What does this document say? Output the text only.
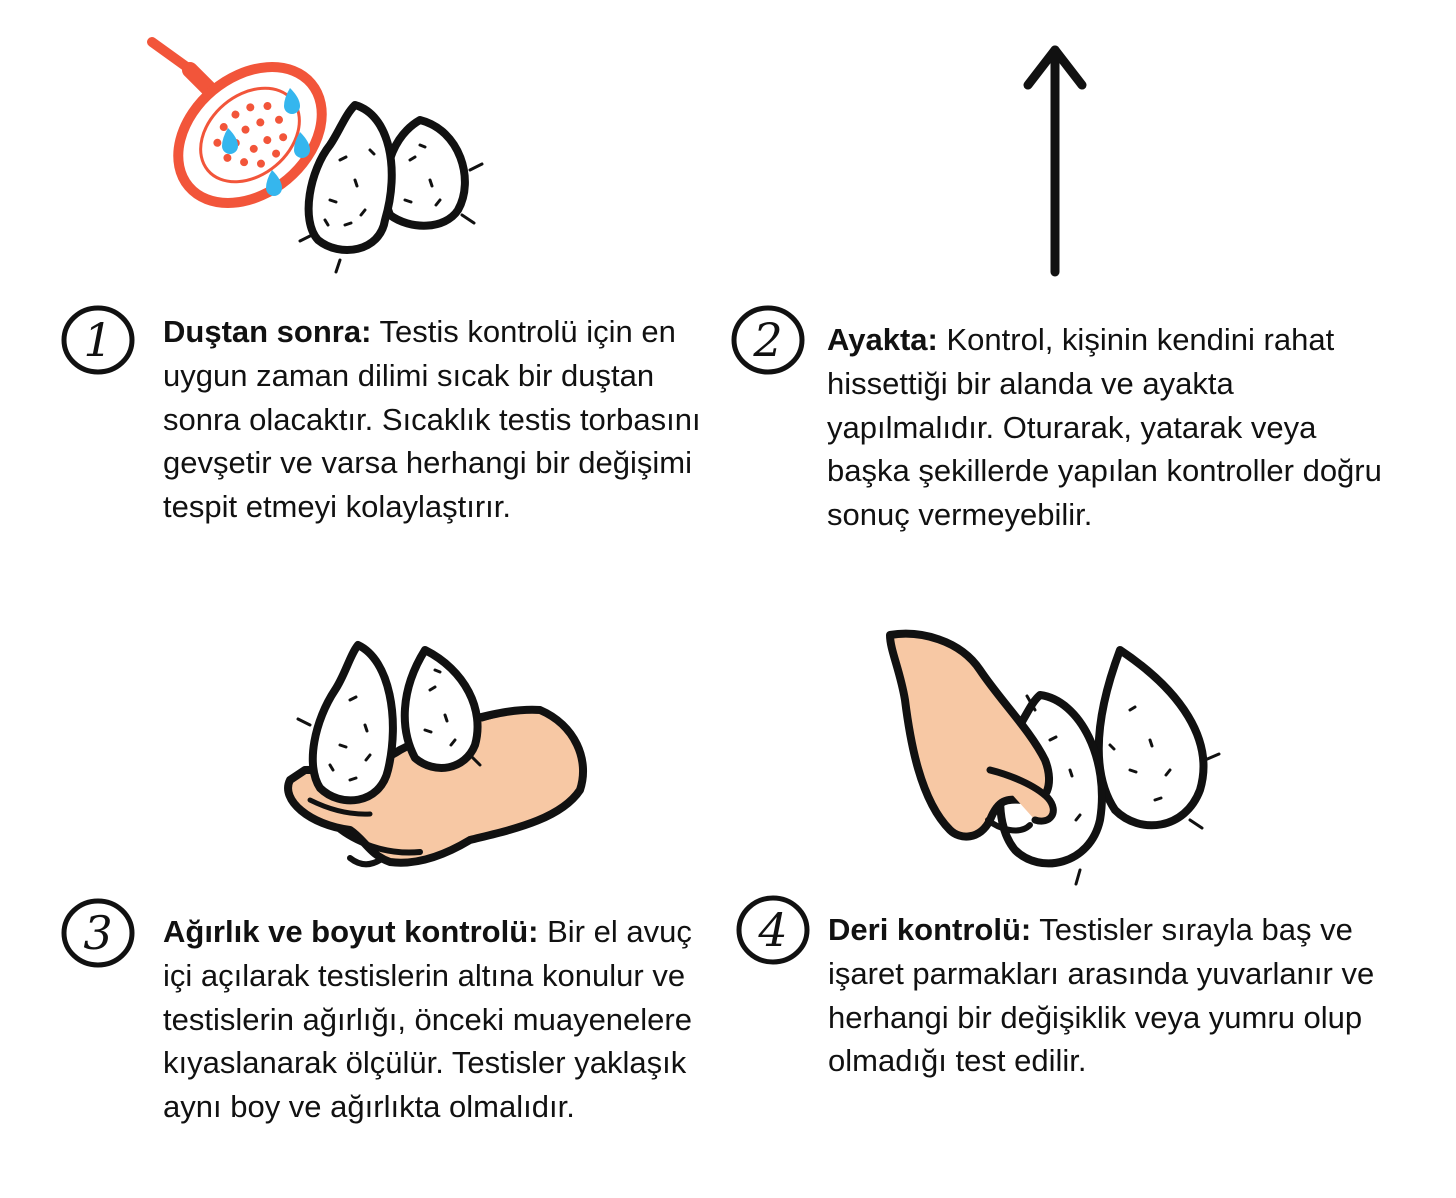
1	Duştan sonra: Testis kontrolü için en uygun zaman dilimi sıcak bir duştan sonra olacaktır. Sıcaklık testis torbasını gevşetir ve varsa herhangi bir değişimi tespit etmeyi kolaylaştırır.

2	Ayakta: Kontrol, kişinin kendini rahat hissettiği bir alanda ve ayakta yapılmalıdır. Oturarak, yatarak veya başka şekillerde yapılan kontroller doğru sonuç vermeyebilir.

3	Ağırlık ve boyut kontrolü: Bir el avuç içi açılarak testislerin altına konulur ve testislerin ağırlığı, önceki muayenelere kıyaslanarak ölçülür. Testisler yaklaşık aynı boy ve ağırlıkta olmalıdır.

4	Deri kontrolü: Testisler sırayla baş ve işaret parmakları arasında yuvarlanır ve herhangi bir değişiklik veya yumru olup olmadığı test edilir.
